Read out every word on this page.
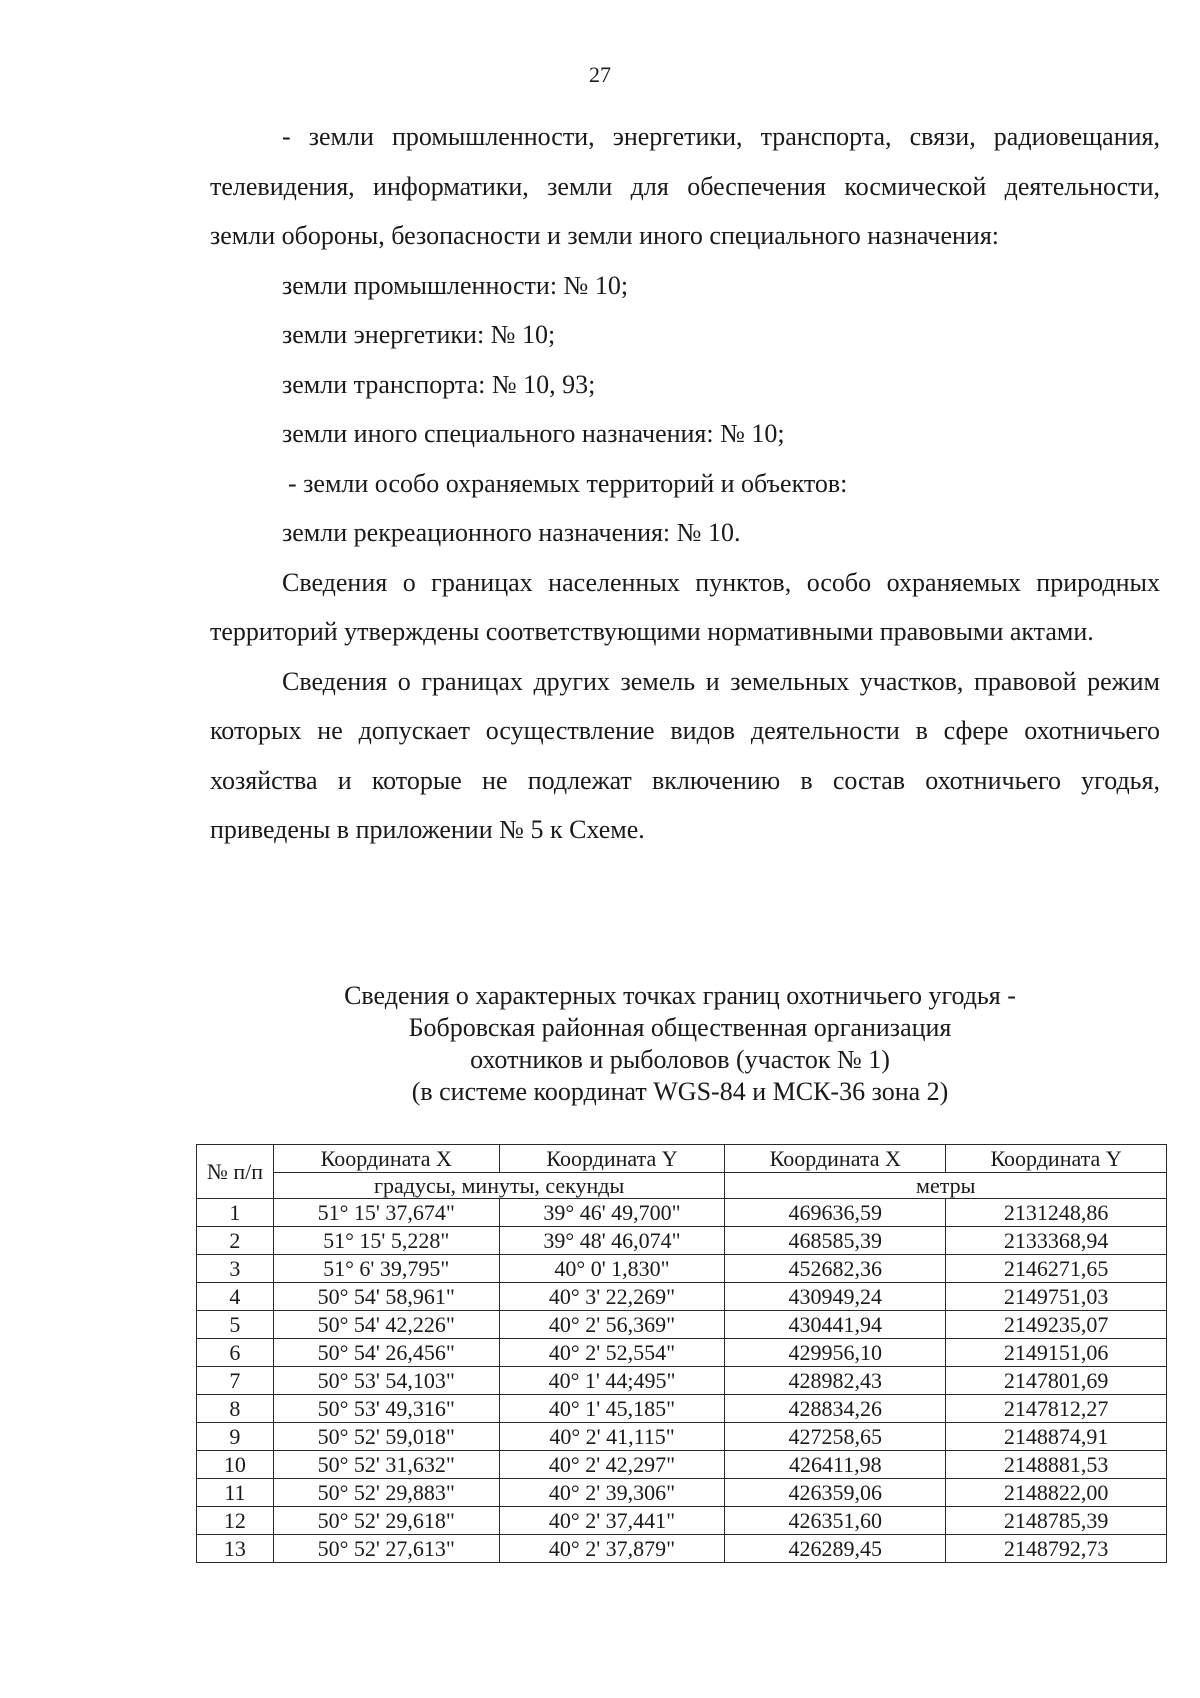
27

- земли промышленности, энергетики, транспорта, связи, радиовещания, телевидения, информатики, земли для обеспечения космической деятельности, земли обороны, безопасности и земли иного специального назначения:

земли промышленности: № 10;

земли энергетики: № 10;

земли транспорта: № 10, 93;

земли иного специального назначения: № 10;

- земли особо охраняемых территорий и объектов:

земли рекреационного назначения: № 10.

Сведения о границах населенных пунктов, особо охраняемых природных территорий утверждены соответствующими нормативными правовыми актами.

Сведения о границах других земель и земельных участков, правовой режим которых не допускает осуществление видов деятельности в сфере охотничьего хозяйства и которые не подлежат включению в состав охотничьего угодья, приведены в приложении № 5 к Схеме.

Сведения о характерных точках границ охотничьего угодья -
Бобровская районная общественная организация
охотников и рыболовов (участок № 1)
(в системе координат WGS-84 и МСК-36 зона 2)
№ п/п	Координата X	Координата Y	Координата X	Координата Y
	градусы, минуты, секунды		метры	
1	51° 15' 37,674"	39° 46' 49,700"	469636,59	2131248,86
2	51° 15' 5,228"	39° 48' 46,074"	468585,39	2133368,94
3	51° 6' 39,795"	40° 0' 1,830"	452682,36	2146271,65
4	50° 54' 58,961"	40° 3' 22,269"	430949,24	2149751,03
5	50° 54' 42,226"	40° 2' 56,369"	430441,94	2149235,07
6	50° 54' 26,456"	40° 2' 52,554"	429956,10	2149151,06
7	50° 53' 54,103"	40° 1' 44;495"	428982,43	2147801,69
8	50° 53' 49,316"	40° 1' 45,185"	428834,26	2147812,27
9	50° 52' 59,018"	40° 2' 41,115"	427258,65	2148874,91
10	50° 52' 31,632"	40° 2' 42,297"	426411,98	2148881,53
11	50° 52' 29,883"	40° 2' 39,306"	426359,06	2148822,00
12	50° 52' 29,618"	40° 2' 37,441"	426351,60	2148785,39
13	50° 52' 27,613"	40° 2' 37,879"	426289,45	2148792,73
